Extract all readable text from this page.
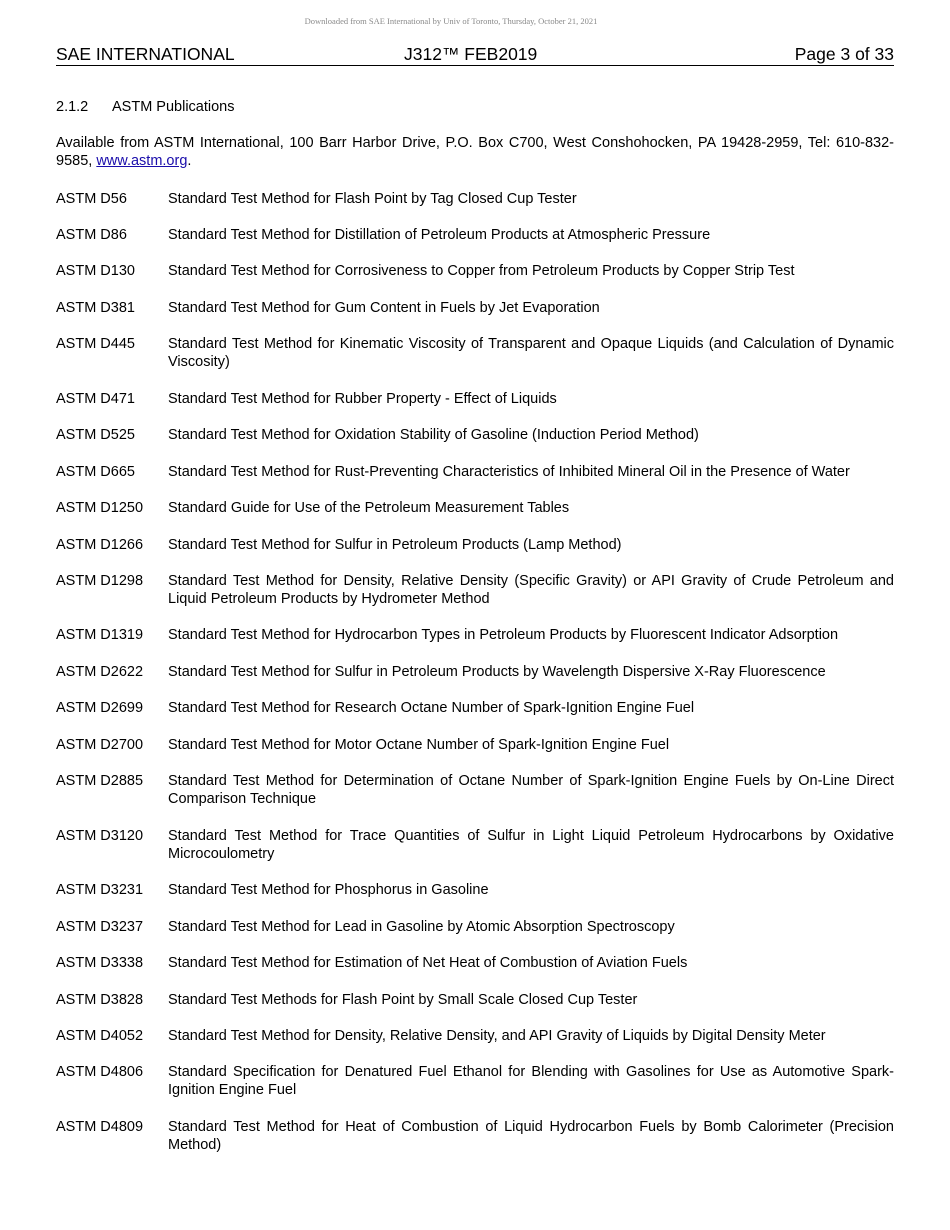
Downloaded from SAE International by Univ of Toronto, Thursday, October 21, 2021
SAE INTERNATIONAL	J312™ FEB2019	Page 3 of 33
2.1.2 ASTM Publications
Available from ASTM International, 100 Barr Harbor Drive, P.O. Box C700, West Conshohocken, PA 19428-2959, Tel: 610-832-9585, www.astm.org.
ASTM D56	Standard Test Method for Flash Point by Tag Closed Cup Tester
ASTM D86	Standard Test Method for Distillation of Petroleum Products at Atmospheric Pressure
ASTM D130	Standard Test Method for Corrosiveness to Copper from Petroleum Products by Copper Strip Test
ASTM D381	Standard Test Method for Gum Content in Fuels by Jet Evaporation
ASTM D445	Standard Test Method for Kinematic Viscosity of Transparent and Opaque Liquids (and Calculation of Dynamic Viscosity)
ASTM D471	Standard Test Method for Rubber Property - Effect of Liquids
ASTM D525	Standard Test Method for Oxidation Stability of Gasoline (Induction Period Method)
ASTM D665	Standard Test Method for Rust-Preventing Characteristics of Inhibited Mineral Oil in the Presence of Water
ASTM D1250	Standard Guide for Use of the Petroleum Measurement Tables
ASTM D1266	Standard Test Method for Sulfur in Petroleum Products (Lamp Method)
ASTM D1298	Standard Test Method for Density, Relative Density (Specific Gravity) or API Gravity of Crude Petroleum and Liquid Petroleum Products by Hydrometer Method
ASTM D1319	Standard Test Method for Hydrocarbon Types in Petroleum Products by Fluorescent Indicator Adsorption
ASTM D2622	Standard Test Method for Sulfur in Petroleum Products by Wavelength Dispersive X-Ray Fluorescence
ASTM D2699	Standard Test Method for Research Octane Number of Spark-Ignition Engine Fuel
ASTM D2700	Standard Test Method for Motor Octane Number of Spark-Ignition Engine Fuel
ASTM D2885	Standard Test Method for Determination of Octane Number of Spark-Ignition Engine Fuels by On-Line Direct Comparison Technique
ASTM D3120	Standard Test Method for Trace Quantities of Sulfur in Light Liquid Petroleum Hydrocarbons by Oxidative Microcoulometry
ASTM D3231	Standard Test Method for Phosphorus in Gasoline
ASTM D3237	Standard Test Method for Lead in Gasoline by Atomic Absorption Spectroscopy
ASTM D3338	Standard Test Method for Estimation of Net Heat of Combustion of Aviation Fuels
ASTM D3828	Standard Test Methods for Flash Point by Small Scale Closed Cup Tester
ASTM D4052	Standard Test Method for Density, Relative Density, and API Gravity of Liquids by Digital Density Meter
ASTM D4806	Standard Specification for Denatured Fuel Ethanol for Blending with Gasolines for Use as Automotive Spark-Ignition Engine Fuel
ASTM D4809	Standard Test Method for Heat of Combustion of Liquid Hydrocarbon Fuels by Bomb Calorimeter (Precision Method)
